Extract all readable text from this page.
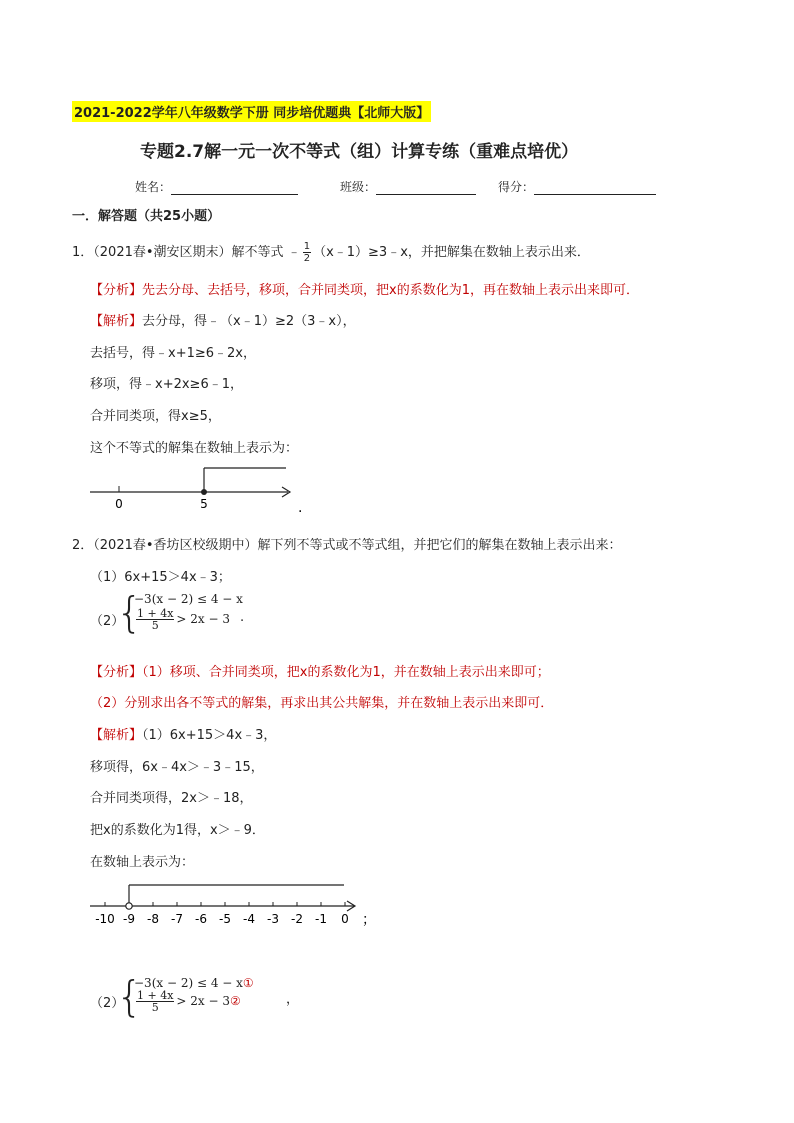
2021-2022学年八年级数学下册 同步培优题典【北师大版】
专题2.7解一元一次不等式（组）计算专练（重难点培优）
姓名：	班级：	得分：
一．解答题（共25小题）
1．（2021春•潮安区期末）解不等式 ﹣ $\frac{1}{2}$ （x﹣1）≥3﹣x，并把解集在数轴上表示出来．
【分析】先去分母、去括号，移项，合并同类项，把x的系数化为1，再在数轴上表示出来即可．
【解析】去分母，得﹣（x﹣1）≥2（3﹣x），
去括号，得﹣x+1≥6﹣2x，
移项，得﹣x+2x≥6﹣1，
合并同类项，得x≥5，
这个不等式的解集在数轴上表示为：
0	5	.
2．（2021春•香坊区校级期中）解下列不等式或不等式组，并把它们的解集在数轴上表示出来：
（1）6x+15＞4x﹣3；
（2）
{
−3(x − 2) ≤ 4 − x
$\frac{1 + 4x}{5} > 2x - 3$ .
【分析】（1）移项、合并同类项，把x的系数化为1，并在数轴上表示出来即可；
（2）分别求出各不等式的解集，再求出其公共解集，并在数轴上表示出来即可．
【解析】（1）6x+15＞4x﹣3，
移项得，6x﹣4x＞﹣3﹣15，
合并同类项得，2x＞﹣18，
把x的系数化为1得，x＞﹣9．
在数轴上表示为：
-10 -9 -8 -7 -6 -5 -4 -3 -2 -1 0 ；
（2）
{
−3(x − 2) ≤ 4 − x①
$\frac{1 + 4x}{5} > 2x$ − 3②	，
